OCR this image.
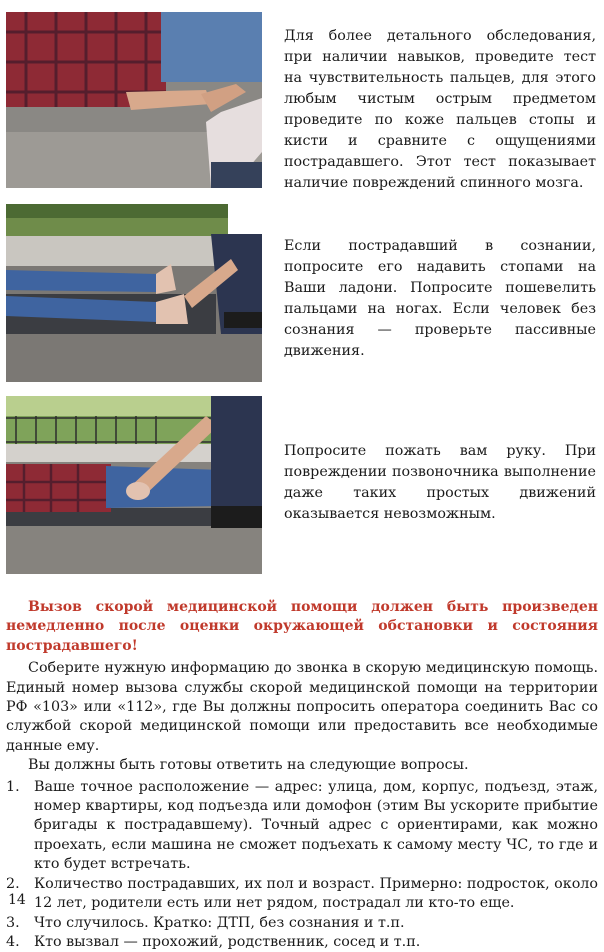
Для более детального обследования, при наличии навыков, проведите тест на чувствительность пальцев, для этого любым чистым острым предметом проведите по коже пальцев стопы и кисти и сравните с ощущениями пострадавшего. Этот тест показывает наличие повреждений спинного мозга.

Если пострадавший в сознании, попросите его надавить стопами на Ваши ладони. Попросите пошевелить пальцами на ногах. Если человек без сознания — проверьте пассивные движения.

Попросите пожать вам руку. При повреждении позвоночника выполнение даже таких простых движений оказывается невозможным.

Вызов скорой медицинской помощи должен быть произведен немедленно после оценки окружающей обстановки и состояния пострадавшего!

Соберите нужную информацию до звонка в скорую медицинскую помощь. Единый номер вызова службы скорой медицинской помощи на территории РФ «103» или «112», где Вы должны попросить оператора соединить Вас со службой скорой медицинской помощи или предоставить все необходимые данные ему.

Вы должны быть готовы ответить на следующие вопросы.

1. Ваше точное расположение — адрес: улица, дом, корпус, подъезд, этаж, номер квартиры, код подъезда или домофон (этим Вы ускорите прибытие бригады к пострадавшему). Точный адрес с ориентирами, как можно проехать, если машина не сможет подъехать к самому месту ЧС, то где и кто будет встречать.
2. Количество пострадавших, их пол и возраст. Примерно: подросток, около 12 лет, родители есть или нет рядом, пострадал ли кто-то еще.
3. Что случилось. Кратко: ДТП, без сознания и т.п.
4. Кто вызвал — прохожий, родственник, сосед и т.п.
14
